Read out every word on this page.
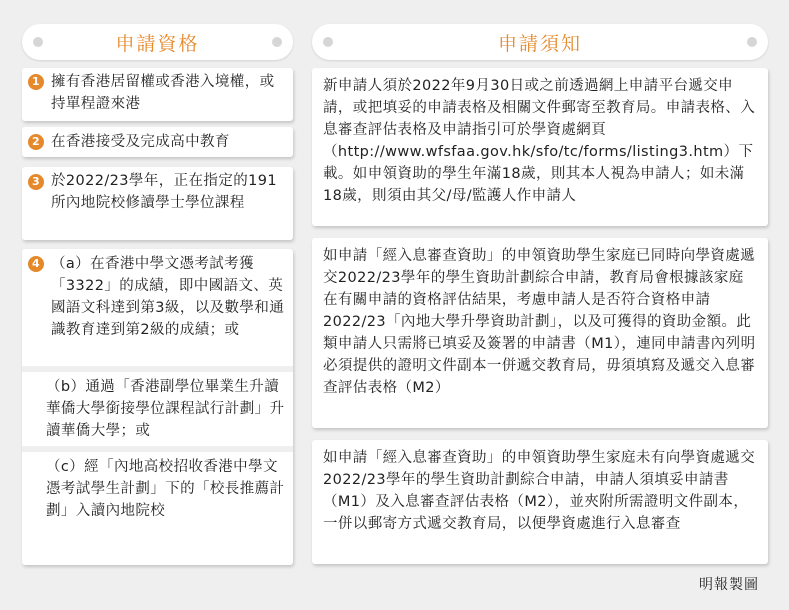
申請資格
1 擁有香港居留權或香港入境權，或持單程證來港
2 在香港接受及完成高中教育
3 於2022/23學年，正在指定的191所內地院校修讀學士學位課程
4 （a）在香港中學文憑考試考獲「3322」的成績，即中國語文、英國語文科達到第3級，以及數學和通識教育達到第2級的成績；或
（b）通過「香港副學位畢業生升讀華僑大學銜接學位課程試行計劃」升讀華僑大學；或
（c）經「內地高校招收香港中學文憑考試學生計劃」下的「校長推薦計劃」入讀內地院校
申請須知
新申請人須於2022年9月30日或之前透過網上申請平台遞交申請，或把填妥的申請表格及相關文件郵寄至教育局。申請表格、入息審查評估表格及申請指引可於學資處網頁（http://www.wfsfaa.gov.hk/sfo/tc/forms/listing3.htm）下載。如申領資助的學生年滿18歲，則其本人視為申請人；如未滿18歲，則須由其父/母/監護人作申請人
如申請「經入息審查資助」的申領資助學生家庭已同時向學資處遞交2022/23學年的學生資助計劃綜合申請，教育局會根據該家庭在有關申請的資格評估結果，考慮申請人是否符合資格申請2022/23「內地大學升學資助計劃」，以及可獲得的資助金額。此類申請人只需將已填妥及簽署的申請書（M1），連同申請書內列明必須提供的證明文件副本一併遞交教育局，毋須填寫及遞交入息審查評估表格（M2）
如申請「經入息審查資助」的申領資助學生家庭未有向學資處遞交2022/23學年的學生資助計劃綜合申請，申請人須填妥申請書（M1）及入息審查評估表格（M2），並夾附所需證明文件副本，一併以郵寄方式遞交教育局，以便學資處進行入息審查
明報製圖
